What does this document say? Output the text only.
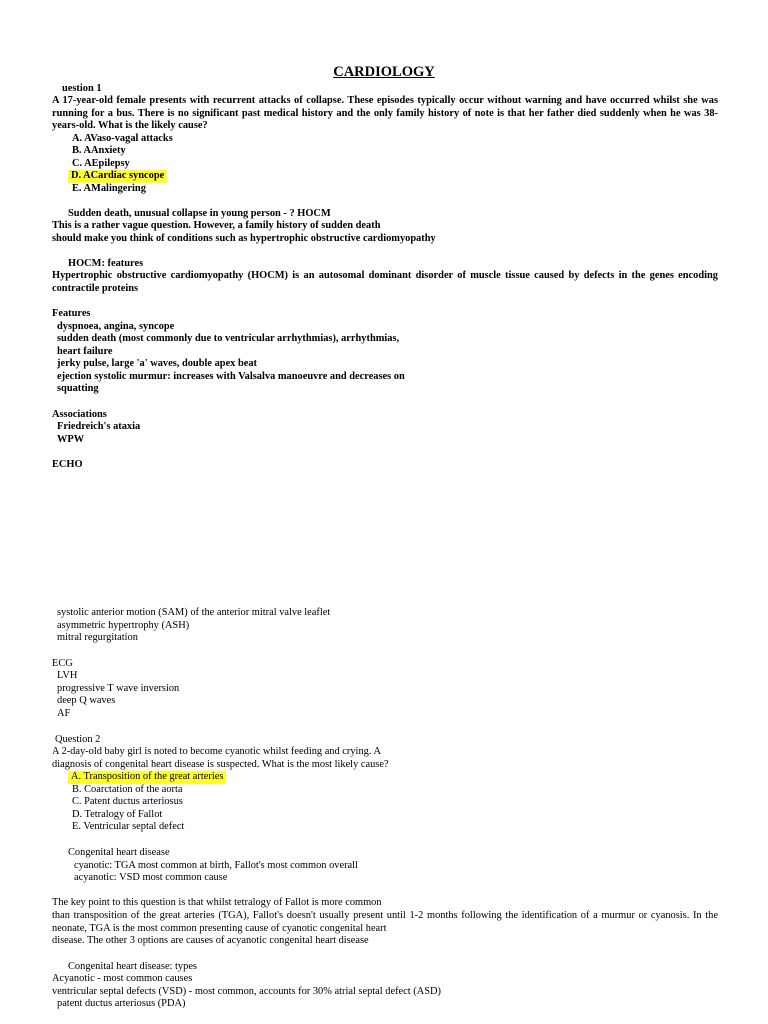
CARDIOLOGY
uestion 1
A 17-year-old female presents with recurrent attacks of collapse. These episodes typically occur without warning and have occurred whilst she was running for a bus. There is no significant past medical history and the only family history of note is that her father died suddenly when he was 38-years-old. What is the likely cause?
A. AVaso-vagal attacks
B. AAnxiety
C. AEpilepsy
D. ACardiac syncope
E. AMalingering
Sudden death, unusual collapse in young person - ? HOCM
This is a rather vague question. However, a family history of sudden death
should make you think of conditions such as hypertrophic obstructive cardiomyopathy
HOCM: features
Hypertrophic obstructive cardiomyopathy (HOCM) is an autosomal dominant disorder of muscle tissue caused by defects in the genes encoding contractile proteins
Features
dyspnoea, angina, syncope
sudden death (most commonly due to ventricular arrhythmias), arrhythmias,
heart failure
jerky pulse, large 'a' waves, double apex beat
ejection systolic murmur: increases with Valsalva manoeuvre and decreases on
squatting
Associations
Friedreich's ataxia
WPW
ECHO
systolic anterior motion (SAM) of the anterior mitral valve leaflet
asymmetric hypertrophy (ASH)
mitral regurgitation
ECG
LVH
progressive T wave inversion
deep Q waves
AF
Question 2
A 2-day-old baby girl is noted to become cyanotic whilst feeding and crying. A
diagnosis of congenital heart disease is suspected. What is the most likely cause?
A. Transposition of the great arteries
B. Coarctation of the aorta
C. Patent ductus arteriosus
D. Tetralogy of Fallot
E. Ventricular septal defect
Congenital heart disease
cyanotic: TGA most common at birth, Fallot's most common overall
acyanotic: VSD most common cause
The key point to this question is that whilst tetralogy of Fallot is more common
than transposition of the great arteries (TGA), Fallot's doesn't usually present until 1-2 months following the identification of a murmur or cyanosis. In the neonate, TGA is the most common presenting cause of cyanotic congenital heart
disease. The other 3 options are causes of acyanotic congenital heart disease
Congenital heart disease: types
Acyanotic - most common causes
ventricular septal defects (VSD) - most common, accounts for 30% atrial septal defect (ASD)
patent ductus arteriosus (PDA)
